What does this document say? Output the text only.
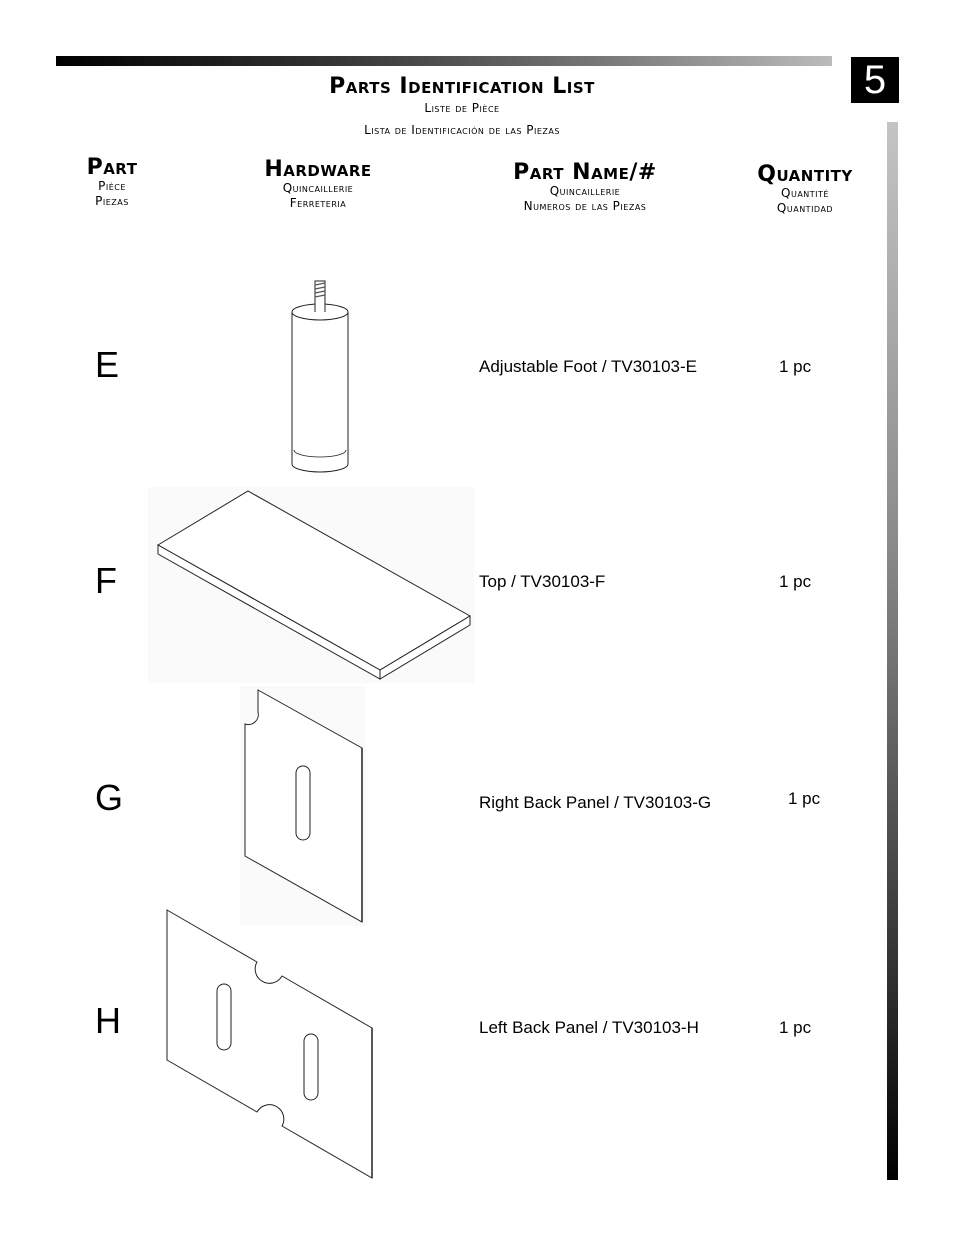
5
Parts Identification List
Liste de Pièce
Lista de Identificación de las Piezas
Part
Pièce
Piezas
Hardware
Quincaillerie
Ferreteria
Part Name/#
Quincaillerie
Numeros de las Piezas
Quantity
Quantité
Quantidad
E	Adjustable Foot / TV30103-E	1 pc
F	Top / TV30103-F	1 pc
G	Right Back Panel / TV30103-G	1 pc
H	Left Back Panel / TV30103-H	1 pc
